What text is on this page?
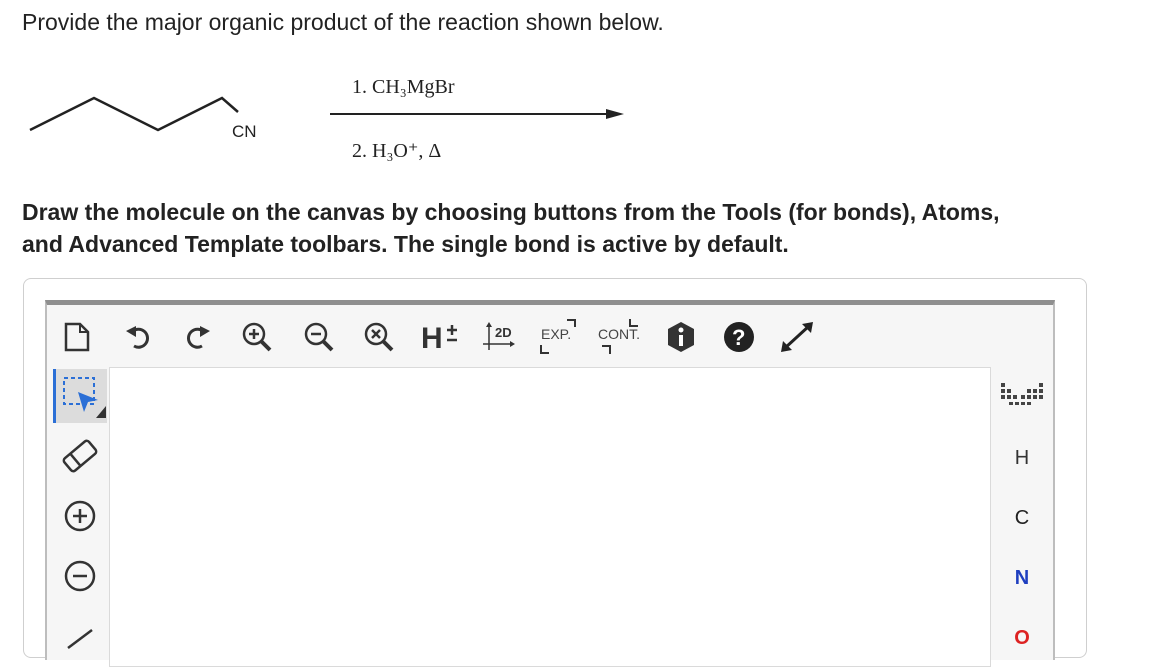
Provide the major organic product of the reaction shown below.
CN
1. CH₃MgBr
2. H₃O⁺, Δ
Draw the molecule on the canvas by choosing buttons from the Tools (for bonds), Atoms,
and Advanced Template toolbars. The single bond is active by default.
H	2D EXP. CONT.	?
H
C
N
O
